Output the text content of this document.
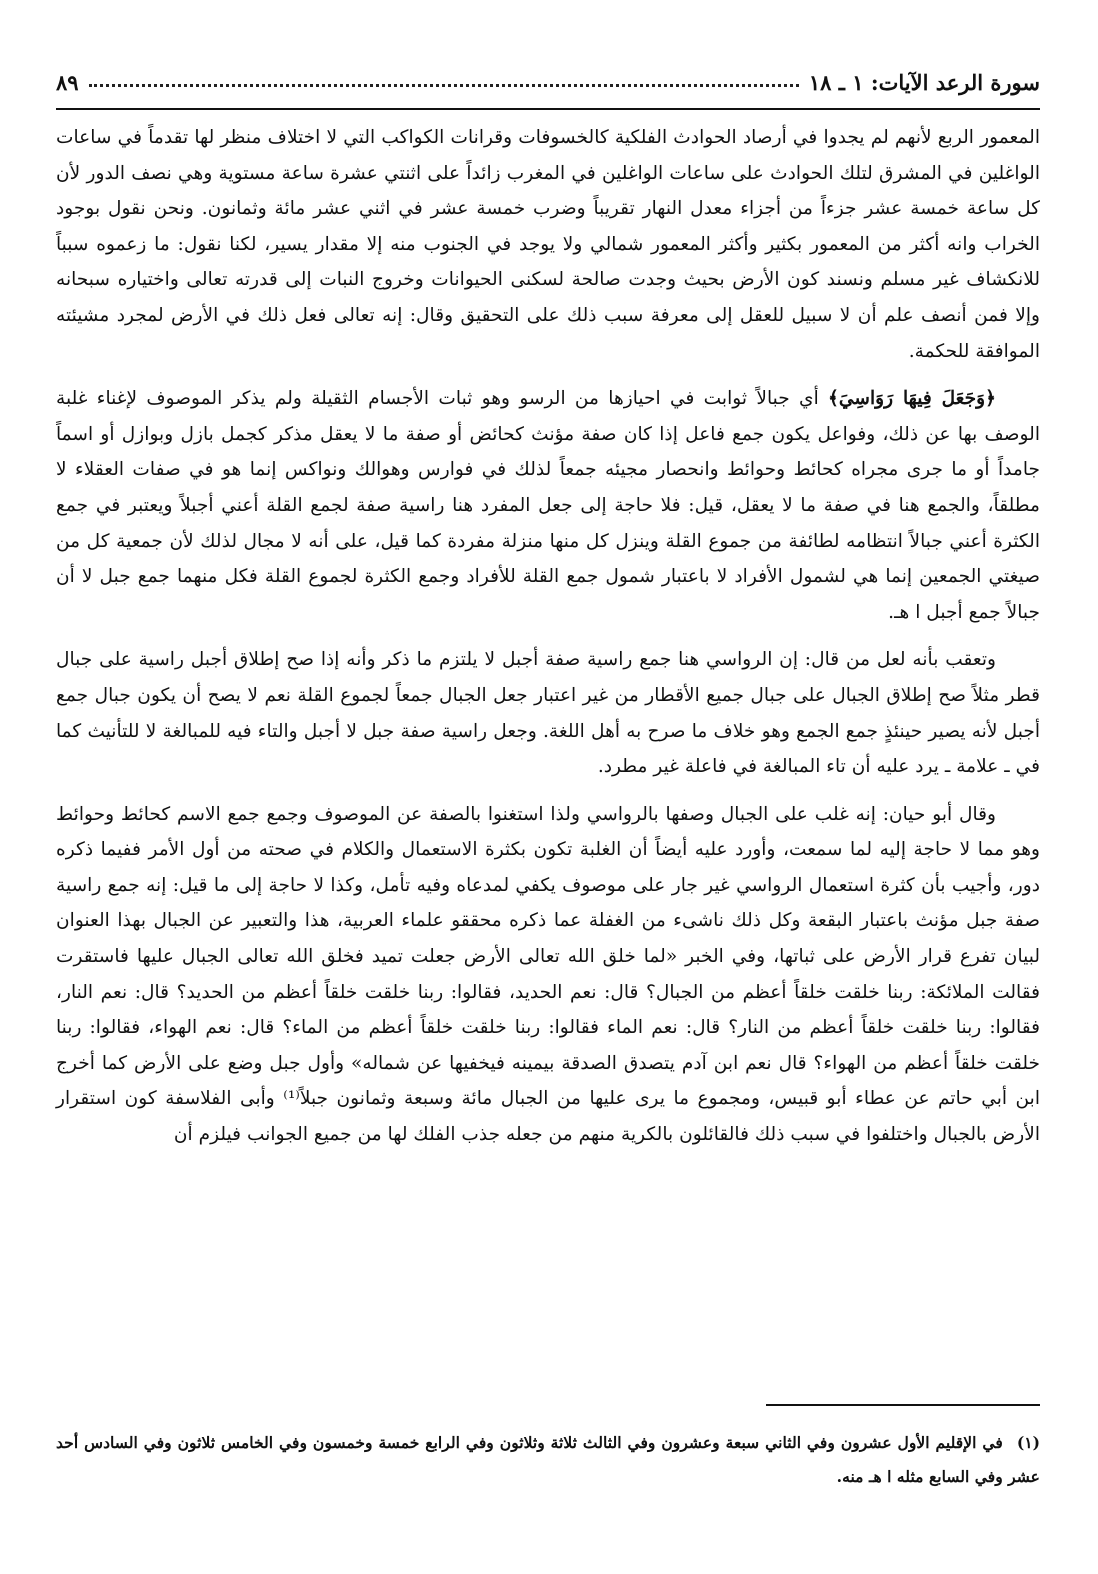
سورة الرعد الآيات: ١ ـ ١٨
٨٩

المعمور الربع لأنهم لم يجدوا في أرصاد الحوادث الفلكية كالخسوفات وقرانات الكواكب التي لا اختلاف منظر لها تقدماً في ساعات الواغلين في المشرق لتلك الحوادث على ساعات الواغلين في المغرب زائداً على اثنتي عشرة ساعة مستوية وهي نصف الدور لأن كل ساعة خمسة عشر جزءاً من أجزاء معدل النهار تقريباً وضرب خمسة عشر في اثني عشر مائة وثمانون. ونحن نقول بوجود الخراب وانه أكثر من المعمور بكثير وأكثر المعمور شمالي ولا يوجد في الجنوب منه إلا مقدار يسير، لكنا نقول: ما زعموه سبباً للانكشاف غير مسلم ونسند كون الأرض بحيث وجدت صالحة لسكنى الحيوانات وخروج النبات إلى قدرته تعالى واختياره سبحانه وإلا فمن أنصف علم أن لا سبيل للعقل إلى معرفة سبب ذلك على التحقيق وقال: إنه تعالى فعل ذلك في الأرض لمجرد مشيئته الموافقة للحكمة.

﴿وَجَعَلَ فِيهَا رَوَاسِيَ﴾ أي جبالاً ثوابت في احيازها من الرسو وهو ثبات الأجسام الثقيلة ولم يذكر الموصوف لإغناء غلبة الوصف بها عن ذلك، وفواعل يكون جمع فاعل إذا كان صفة مؤنث كحائض أو صفة ما لا يعقل مذكر كجمل بازل وبوازل أو اسماً جامداً أو ما جرى مجراه كحائط وحوائط وانحصار مجيئه جمعاً لذلك في فوارس وهوالك ونواكس إنما هو في صفات العقلاء لا مطلقاً، والجمع هنا في صفة ما لا يعقل، قيل: فلا حاجة إلى جعل المفرد هنا راسية صفة لجمع القلة أعني أجبلاً ويعتبر في جمع الكثرة أعني جبالاً انتظامه لطائفة من جموع القلة وينزل كل منها منزلة مفردة كما قيل، على أنه لا مجال لذلك لأن جمعية كل من صيغتي الجمعين إنما هي لشمول الأفراد لا باعتبار شمول جمع القلة للأفراد وجمع الكثرة لجموع القلة فكل منهما جمع جبل لا أن جبالاً جمع أجبل ا هـ.

وتعقب بأنه لعل من قال: إن الرواسي هنا جمع راسية صفة أجبل لا يلتزم ما ذكر وأنه إذا صح إطلاق أجبل راسية على جبال قطر مثلاً صح إطلاق الجبال على جبال جميع الأقطار من غير اعتبار جعل الجبال جمعاً لجموع القلة نعم لا يصح أن يكون جبال جمع أجبل لأنه يصير حينئذٍ جمع الجمع وهو خلاف ما صرح به أهل اللغة. وجعل راسية صفة جبل لا أجبل والتاء فيه للمبالغة لا للتأنيث كما في ـ علامة ـ يرد عليه أن تاء المبالغة في فاعلة غير مطرد.

وقال أبو حيان: إنه غلب على الجبال وصفها بالرواسي ولذا استغنوا بالصفة عن الموصوف وجمع جمع الاسم كحائط وحوائط وهو مما لا حاجة إليه لما سمعت، وأورد عليه أيضاً أن الغلبة تكون بكثرة الاستعمال والكلام في صحته من أول الأمر ففيما ذكره دور، وأجيب بأن كثرة استعمال الرواسي غير جار على موصوف يكفي لمدعاه وفيه تأمل، وكذا لا حاجة إلى ما قيل: إنه جمع راسية صفة جبل مؤنث باعتبار البقعة وكل ذلك ناشىء من الغفلة عما ذكره محققو علماء العربية، هذا والتعبير عن الجبال بهذا العنوان لبيان تفرع قرار الأرض على ثباتها، وفي الخبر «لما خلق الله تعالى الأرض جعلت تميد فخلق الله تعالى الجبال عليها فاستقرت فقالت الملائكة: ربنا خلقت خلقاً أعظم من الجبال؟ قال: نعم الحديد، فقالوا: ربنا خلقت خلقاً أعظم من الحديد؟ قال: نعم النار، فقالوا: ربنا خلقت خلقاً أعظم من النار؟ قال: نعم الماء فقالوا: ربنا خلقت خلقاً أعظم من الماء؟ قال: نعم الهواء، فقالوا: ربنا خلقت خلقاً أعظم من الهواء؟ قال نعم ابن آدم يتصدق الصدقة بيمينه فيخفيها عن شماله» وأول جبل وضع على الأرض كما أخرج ابن أبي حاتم عن عطاء أبو قبيس، ومجموع ما يرى عليها من الجبال مائة وسبعة وثمانون جبلاً⁽¹⁾ وأبى الفلاسفة كون استقرار الأرض بالجبال واختلفوا في سبب ذلك فالقائلون بالكرية منهم من جعله جذب الفلك لها من جميع الجوانب فيلزم أن

(١)في الإقليم الأول عشرون وفي الثاني سبعة وعشرون وفي الثالث ثلاثة وثلاثون وفي الرابع خمسة وخمسون وفي الخامس ثلاثون وفي السادس أحد عشر وفي السابع مثله ا هـ منه.
